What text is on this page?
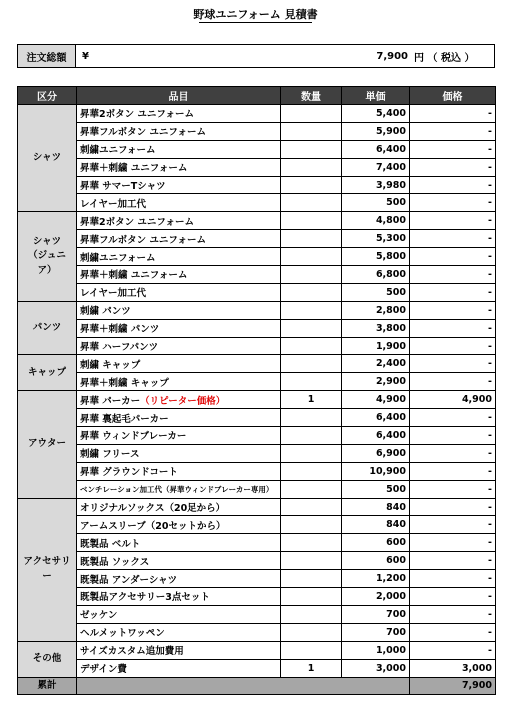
野球ユニフォーム 見積書
注文総額	¥	7,900 円 （ 税込 ）
区分	品目	数量	単価	価格
シャツ	昇華2ボタン ユニフォーム		5,400	-
	昇華フルボタン ユニフォーム		5,900	-
	刺繍ユニフォーム		6,400	-
	昇華＋刺繍 ユニフォーム		7,400	-
	昇華 サマーTシャツ		3,980	-
	レイヤー加工代		500	-
シャツ
（ジュニア）	昇華2ボタン ユニフォーム		4,800	-
	昇華フルボタン ユニフォーム		5,300	-
	刺繍ユニフォーム		5,800	-
	昇華＋刺繍 ユニフォーム		6,800	-
	レイヤー加工代		500	-
パンツ	刺繍 パンツ		2,800	-
	昇華＋刺繍 パンツ		3,800	-
	昇華 ハーフパンツ		1,900	-
キャップ	刺繍 キャップ		2,400	-
	昇華＋刺繍 キャップ		2,900	-
アウター	昇華 パーカー（リピーター価格）	1	4,900	4,900
	昇華 裏起毛パーカー		6,400	-
	昇華 ウィンドブレーカー		6,400	-
	刺繍 フリース		6,900	-
	昇華 グラウンドコート		10,900	-
	ベンチレーション加工代（昇華ウィンドブレーカー専用）		500	-
アクセサリー	オリジナルソックス（20足から）		840	-
	アームスリーブ（20セットから）		840	-
	既製品 ベルト		600	-
	既製品 ソックス		600	-
	既製品 アンダーシャツ		1,200	-
	既製品アクセサリー3点セット		2,000	-
	ゼッケン		700	-
	ヘルメットワッペン		700	-
その他	サイズカスタム追加費用		1,000	-
	デザイン費	1	3,000	3,000
累計				7,900
